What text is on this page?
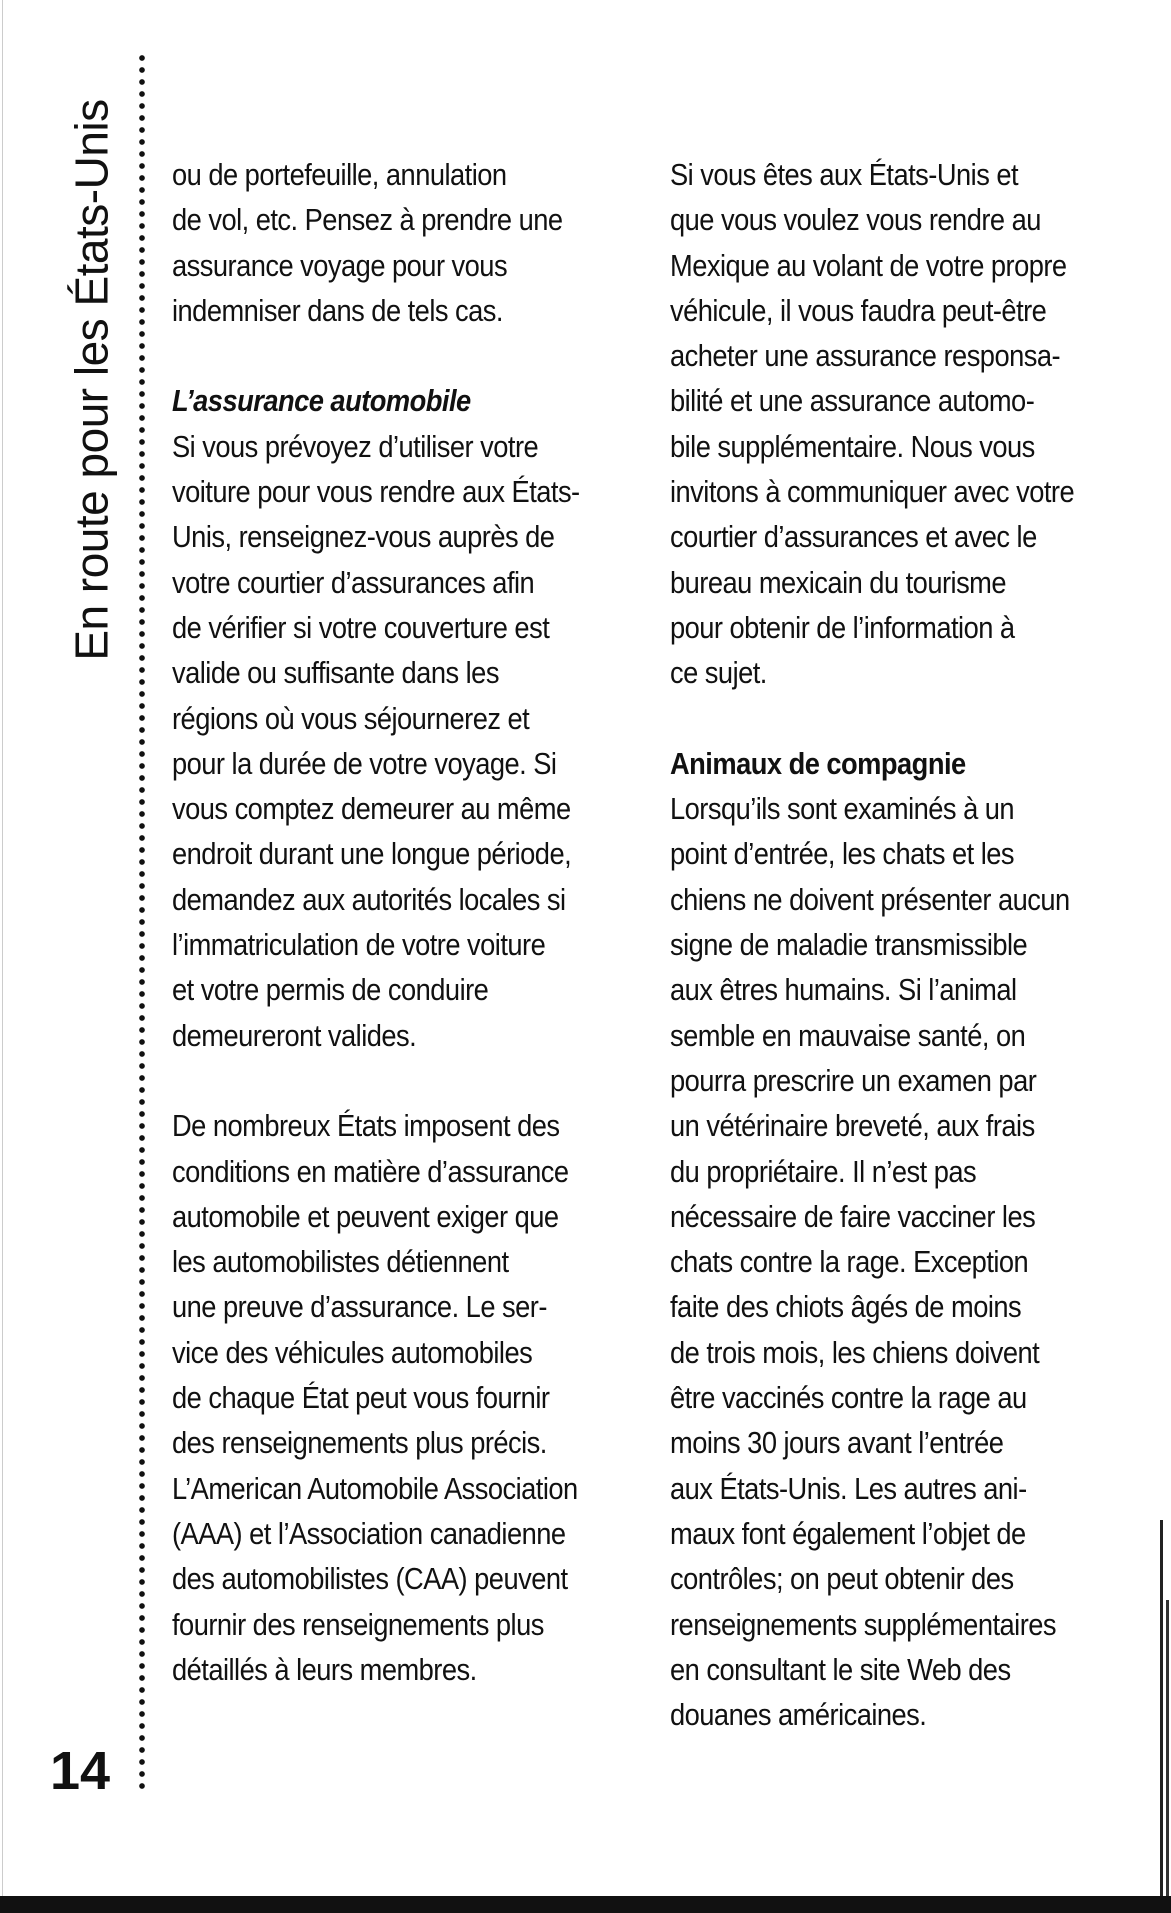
En route pour les États-Unis
14
ou de portefeuille, annulation
de vol, etc. Pensez à prendre une
assurance voyage pour vous
indemniser dans de tels cas.
L’assurance automobile
Si vous prévoyez d’utiliser votre
voiture pour vous rendre aux États-
Unis, renseignez-vous auprès de
votre courtier d’assurances afin
de vérifier si votre couverture est
valide ou suffisante dans les
régions où vous séjournerez et
pour la durée de votre voyage. Si
vous comptez demeurer au même
endroit durant une longue période,
demandez aux autorités locales si
l’immatriculation de votre voiture
et votre permis de conduire
demeureront valides.
De nombreux États imposent des
conditions en matière d’assurance
automobile et peuvent exiger que
les automobilistes détiennent
une preuve d’assurance. Le ser-
vice des véhicules automobiles
de chaque État peut vous fournir
des renseignements plus précis.
L’American Automobile Association
(AAA) et l’Association canadienne
des automobilistes (CAA) peuvent
fournir des renseignements plus
détaillés à leurs membres.
Si vous êtes aux États-Unis et
que vous voulez vous rendre au
Mexique au volant de votre propre
véhicule, il vous faudra peut-être
acheter une assurance responsa-
bilité et une assurance automo-
bile supplémentaire. Nous vous
invitons à communiquer avec votre
courtier d’assurances et avec le
bureau mexicain du tourisme
pour obtenir de l’information à
ce sujet.
Animaux de compagnie
Lorsqu’ils sont examinés à un
point d’entrée, les chats et les
chiens ne doivent présenter aucun
signe de maladie transmissible
aux êtres humains. Si l’animal
semble en mauvaise santé, on
pourra prescrire un examen par
un vétérinaire breveté, aux frais
du propriétaire. Il n’est pas
nécessaire de faire vacciner les
chats contre la rage. Exception
faite des chiots âgés de moins
de trois mois, les chiens doivent
être vaccinés contre la rage au
moins 30 jours avant l’entrée
aux États-Unis. Les autres ani-
maux font également l’objet de
contrôles; on peut obtenir des
renseignements supplémentaires
en consultant le site Web des
douanes américaines.
